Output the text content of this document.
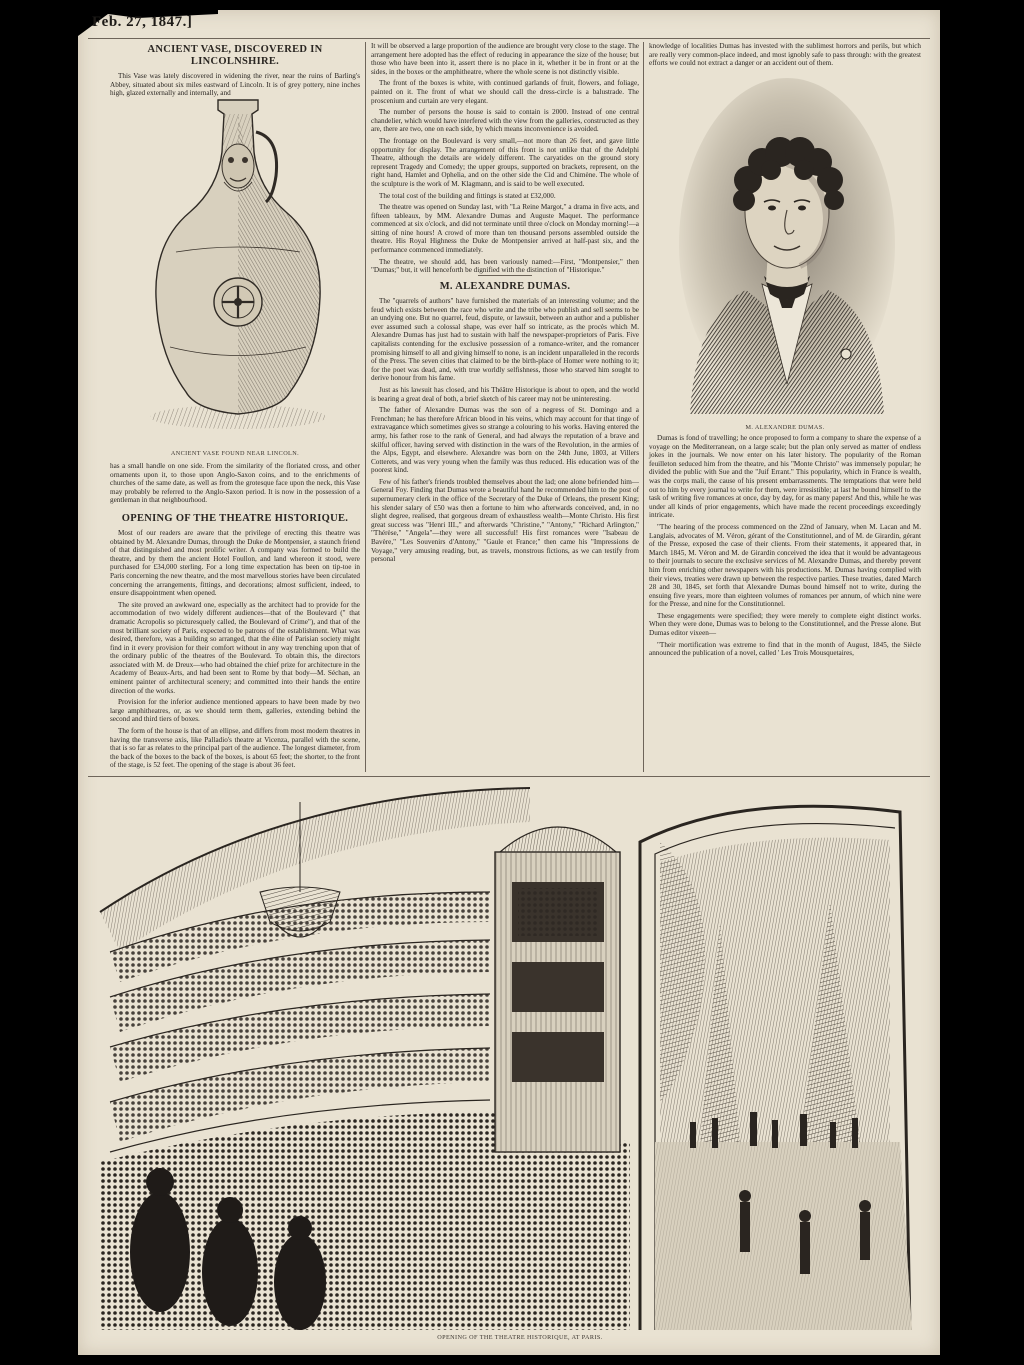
Feb. 27, 1847.]
ANCIENT VASE, DISCOVERED IN LINCOLNSHIRE.

This Vase was lately discovered in widening the river, near the ruins of Barling's Abbey, situated about six miles eastward of Lincoln. It is of grey pottery, nine inches high, glazed externally and internally, and

ANCIENT VASE FOUND NEAR LINCOLN.

has a small handle on one side. From the similarity of the floriated cross, and other ornaments upon it, to those upon Anglo-Saxon coins, and to the enrichments of churches of the same date, as well as from the grotesque face upon the neck, this Vase may probably be referred to the Anglo-Saxon period. It is now in the possession of a gentleman in that neighbourhood.

OPENING OF THE THEATRE HISTORIQUE.

Most of our readers are aware that the privilege of erecting this theatre was obtained by M. Alexandre Dumas, through the Duke de Montpensier, a staunch friend of that distinguished and most prolific writer. A company was formed to build the theatre, and by them the ancient Hotel Foullon, and land whereon it stood, were purchased for £34,000 sterling. For a long time expectation has been on tip-toe in Paris concerning the new theatre, and the most marvellous stories have been circulated concerning the arrangements, fittings, and decorations; almost sufficient, indeed, to ensure disappointment when opened.

The site proved an awkward one, especially as the architect had to provide for the accommodation of two widely different audiences—that of the Boulevard (" that dramatic Acropolis so picturesquely called, the Boulevard of Crime"), and that of the most brilliant society of Paris, expected to be patrons of the establishment. What was desired, therefore, was a building so arranged, that the élite of Parisian society might find in it every provision for their comfort without in any way trenching upon that of the ordinary public of the theatres of the Boulevard. To obtain this, the directors associated with M. de Dreux—who had obtained the chief prize for architecture in the Academy of Beaux-Arts, and had been sent to Rome by that body—M. Séchan, an eminent painter of architectural scenery; and committed into their hands the entire direction of the works.

Provision for the inferior audience mentioned appears to have been made by two large amphitheatres, or, as we should term them, galleries, extending behind the second and third tiers of boxes.

The form of the house is that of an ellipse, and differs from most modern theatres in having the transverse axis, like Palladio's theatre at Vicenza, parallel with the scene, that is so far as relates to the principal part of the audience. The longest diameter, from the back of the boxes to the back of the boxes, is about 65 feet; the shorter, to the front of the stage, is 52 feet. The opening of the stage is about 36 feet.

It will be observed a large proportion of the audience are brought very close to the stage. The arrangement here adopted has the effect of reducing in appearance the size of the house; but those who have been into it, assert there is no place in it, whether it be in front or at the sides, in the boxes or the amphitheatre, where the whole scene is not distinctly visible.

The front of the boxes is white, with continued garlands of fruit, flowers, and foliage, painted on it. The front of what we should call the dress-circle is a balustrade. The proscenium and curtain are very elegant.

The number of persons the house is said to contain is 2000. Instead of one central chandelier, which would have interfered with the view from the galleries, constructed as they are, there are two, one on each side, by which means inconvenience is avoided.

The frontage on the Boulevard is very small,—not more than 26 feet, and gave little opportunity for display. The arrangement of this front is not unlike that of the Adelphi Theatre, although the details are widely different. The caryatides on the ground story represent Tragedy and Comedy; the upper groups, supported on brackets, represent, on the right hand, Hamlet and Ophelia, and on the other side the Cid and Chimène. The whole of the sculpture is the work of M. Klagmann, and is said to be well executed.

The total cost of the building and fittings is stated at £32,000.

The theatre was opened on Sunday last, with "La Reine Margot," a drama in five acts, and fifteen tableaux, by MM. Alexandre Dumas and Auguste Maquet. The performance commenced at six o'clock, and did not terminate until three o'clock on Monday morning!—a sitting of nine hours! A crowd of more than ten thousand persons assembled outside the theatre. His Royal Highness the Duke de Montpensier arrived at half-past six, and the performance commenced immediately.

The theatre, we should add, has been variously named:—First, "Montpensier," then "Dumas;" but, it will henceforth be dignified with the distinction of "Historique."

M. ALEXANDRE DUMAS.

The "quarrels of authors" have furnished the materials of an interesting volume; and the feud which exists between the race who write and the tribe who publish and sell seems to be an undying one. But no quarrel, feud, dispute, or lawsuit, between an author and a publisher ever assumed such a colossal shape, was ever half so intricate, as the procès which M. Alexandre Dumas has just had to sustain with half the newspaper-proprietors of Paris. Five capitalists contending for the exclusive possession of a romance-writer, and the romancer promising himself to all and giving himself to none, is an incident unparalleled in the records of the Press. The seven cities that claimed to be the birth-place of Homer were nothing to it; for the poet was dead, and, with true worldly selfishness, those who starved him sought to derive honour from his fame.

Just as his lawsuit has closed, and his Théâtre Historique is about to open, and the world is bearing a great deal of both, a brief sketch of his career may not be uninteresting.

The father of Alexandre Dumas was the son of a negress of St. Domingo and a Frenchman; he has therefore African blood in his veins, which may account for that tinge of extravagance which sometimes gives so strange a colouring to his works. Having entered the army, his father rose to the rank of General, and had always the reputation of a brave and skilful officer, having served with distinction in the wars of the Revolution, in the armies of the Alps, Egypt, and elsewhere. Alexandre was born on the 24th June, 1803, at Villers Cotterets, and was very young when the family was thus reduced. His education was of the poorest kind.

Few of his father's friends troubled themselves about the lad; one alone befriended him—General Foy. Finding that Dumas wrote a beautiful hand he recommended him to the post of supernumerary clerk in the office of the Secretary of the Duke of Orleans, the present King; his slender salary of £50 was then a fortune to him who afterwards conceived, and, in no slight degree, realised, that gorgeous dream of exhaustless wealth—Monte Christo. His first great success was "Henri III.," and afterwards "Christine," "Antony," "Richard Arlington," "Thérèse," "Angela"—they were all successful! His first romances were "Isabeau de Bavère," "Les Souvenirs d'Antony," "Gaule et France;" then came his "Impressions de Voyage," very amusing reading, but, as travels, monstrous fictions, as we can testify from personal

knowledge of localities Dumas has invested with the sublimest horrors and perils, but which are really very common-place indeed, and most ignobly safe to pass through: with the greatest efforts we could not extract a danger or an accident out of them.

M. ALEXANDRE DUMAS.

Dumas is fond of travelling; he once proposed to form a company to share the expense of a voyage on the Mediterranean, on a large scale; but the plan only served as matter of endless jokes in the journals. We now enter on his later history. The popularity of the Roman feuilleton seduced him from the theatre, and his "Monte Christo" was immensely popular; he divided the public with Sue and the "Juif Errant." This popularity, which in France is wealth, was the corps mali, the cause of his present embarrassments. The temptations that were held out to him by every journal to write for them, were irresistible; at last he bound himself to the task of writing five romances at once, day by day, for as many papers! And this, while he was under all kinds of prior engagements, which have made the recent proceedings exceedingly intricate.

"The hearing of the process commenced on the 22nd of January, when M. Lacan and M. Langlais, advocates of M. Véron, gérant of the Constitutionnel, and of M. de Girardin, gérant of the Presse, exposed the case of their clients. From their statements, it appeared that, in March 1845, M. Véron and M. de Girardin conceived the idea that it would be advantageous to their journals to secure the exclusive services of M. Alexandre Dumas, and thereby prevent him from enriching other newspapers with his productions. M. Dumas having complied with their views, treaties were drawn up between the respective parties. These treaties, dated March 28 and 30, 1845, set forth that Alexandre Dumas bound himself not to write, during the ensuing five years, more than eighteen volumes of romances per annum, of which nine were for the Presse, and nine for the Constitutionnel.

These engagements were specified; they were merely to complete eight distinct works. When they were done, Dumas was to belong to the Constitutionnel, and the Presse alone. But Dumas editor vixeen—

"Their mortification was extreme to find that in the month of August, 1845, the Siècle announced the publication of a novel, called ' Les Trois Mousquetaires,

OPENING OF THE THEATRE HISTORIQUE, AT PARIS.
